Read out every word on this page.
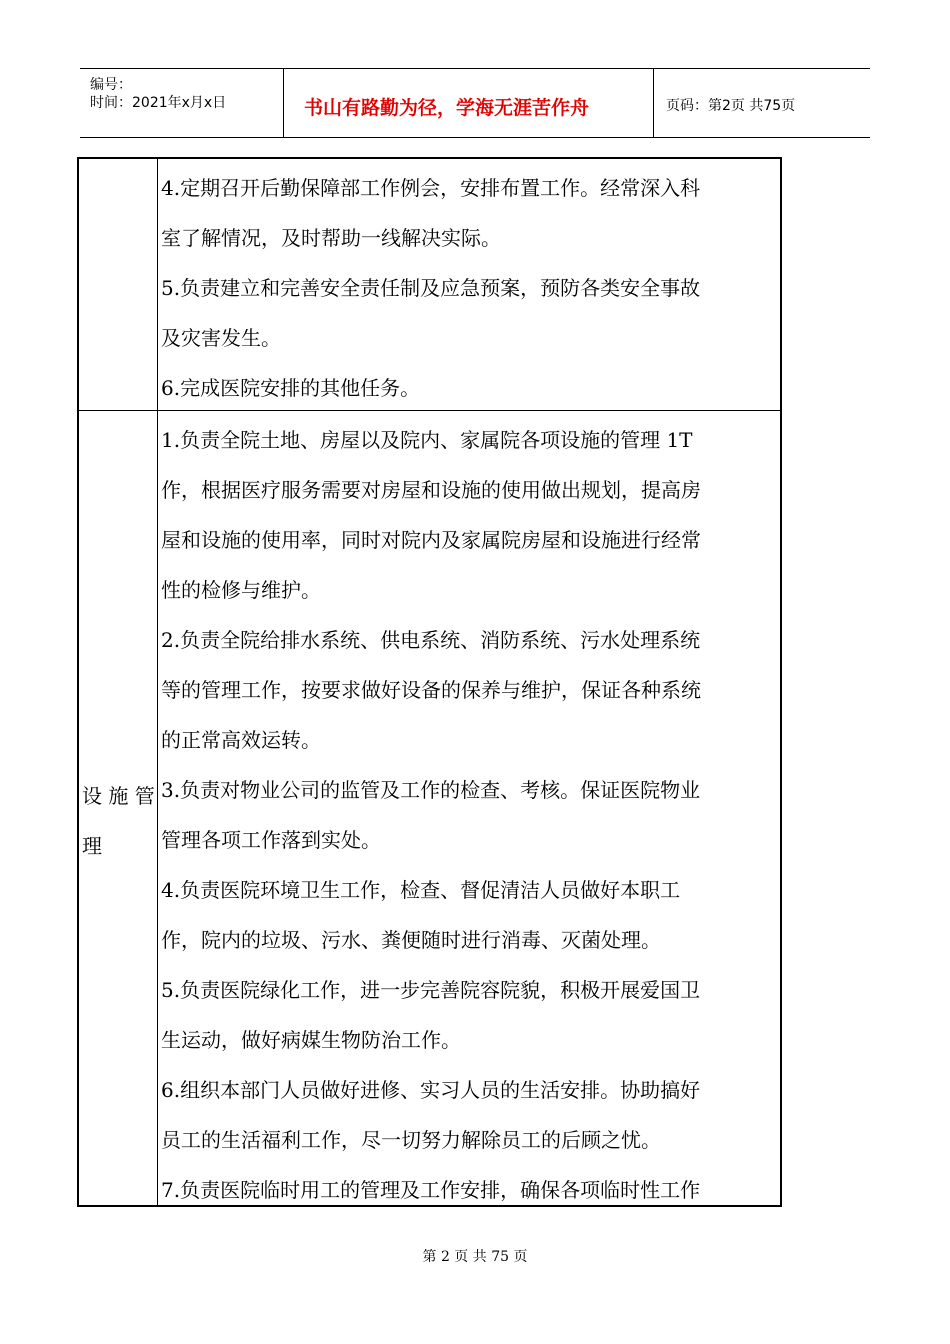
编号：
时间：2021年x月x日	书山有路勤为径，学海无涯苦作舟	页码：第2页 共75页

4.定期召开后勤保障部工作例会，安排布置工作。经常深入科

室了解情况，及时帮助一线解决实际。

5.负责建立和完善安全责任制及应急预案，预防各类安全事故

及灾害发生。

6.完成医院安排的其他任务。

设 施 管
理

1.负责全院土地、房屋以及院内、家属院各项设施的管理 1T

作，根据医疗服务需要对房屋和设施的使用做出规划，提高房

屋和设施的使用率，同时对院内及家属院房屋和设施进行经常

性的检修与维护。

2.负责全院给排水系统、供电系统、消防系统、污水处理系统

等的管理工作，按要求做好设备的保养与维护，保证各种系统

的正常高效运转。

3.负责对物业公司的监管及工作的检查、考核。保证医院物业

管理各项工作落到实处。

4.负责医院环境卫生工作，检查、督促清洁人员做好本职工

作，院内的垃圾、污水、粪便随时进行消毒、灭菌处理。

5.负责医院绿化工作，进一步完善院容院貌，积极开展爱国卫

生运动，做好病媒生物防治工作。

6.组织本部门人员做好进修、实习人员的生活安排。协助搞好

员工的生活福利工作，尽一切努力解除员工的后顾之忧。

7.负责医院临时用工的管理及工作安排，确保各项临时性工作

第 2 页 共 75 页
